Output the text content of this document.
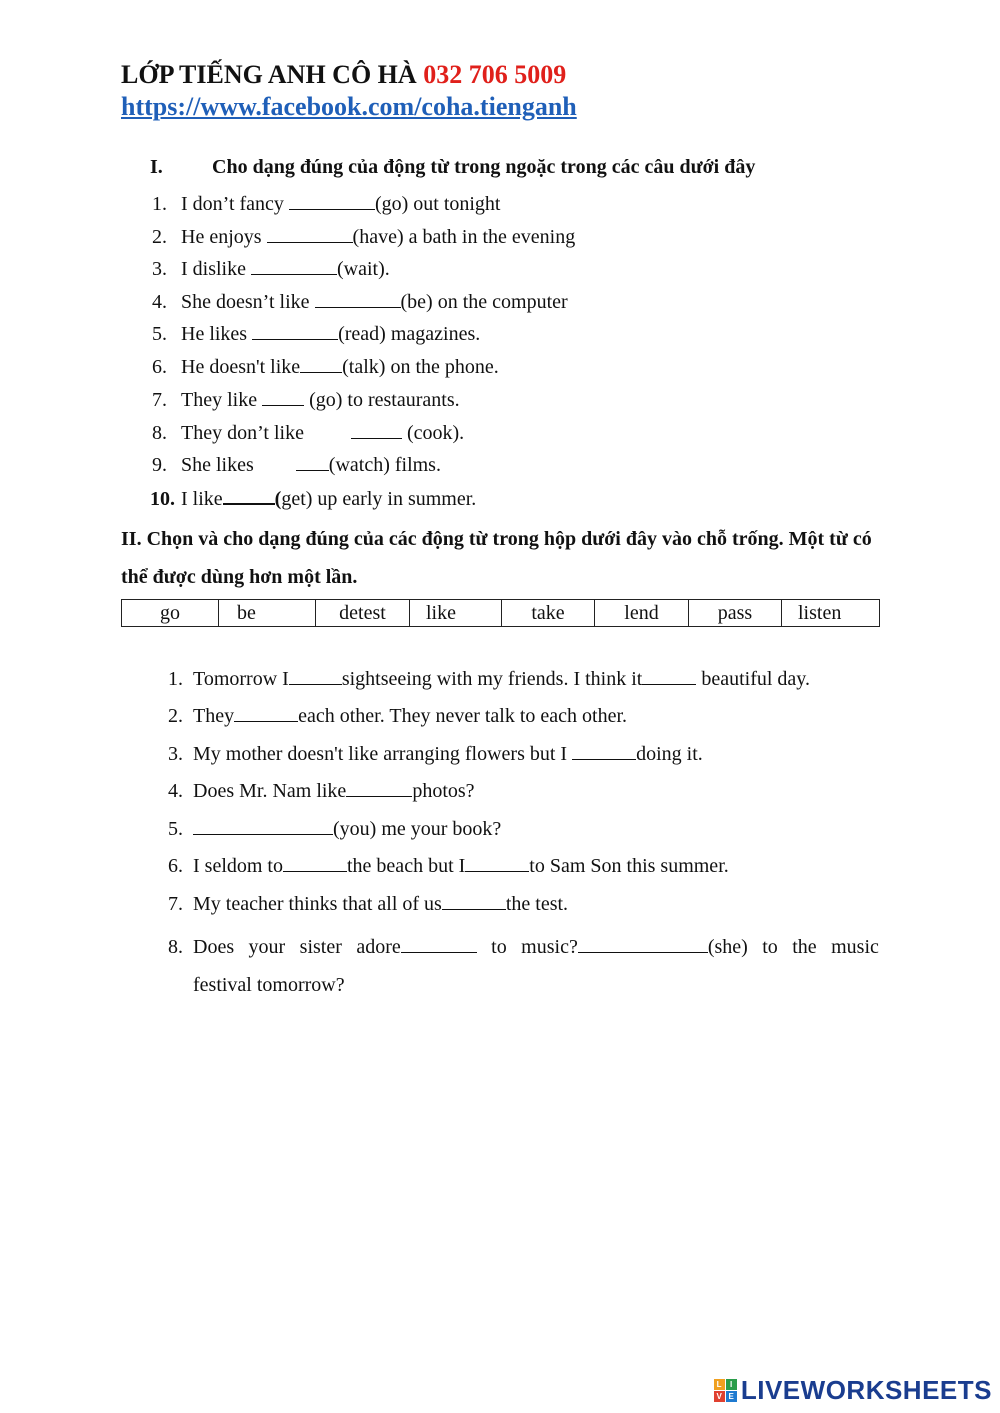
LỚP TIẾNG ANH CÔ HÀ 032 706 5009
https://www.facebook.com/coha.tienganh
I. Cho dạng đúng của động từ trong ngoặc trong các câu dưới đây
1. I don’t fancy	(go) out tonight
2. He enjoys	(have) a bath in the evening
3. I dislike	(wait).
4. She doesn’t like	(be) on the computer
5. He likes	(read) magazines.
6. He doesn't like (talk) on the phone.
7. They like  (go) to restaurants.
8. They don’t like	(cook).
9. She likes	(watch) films.
10. I like	(get) up early in summer.
II. Chọn và cho dạng đúng của các động từ trong hộp dưới đây vào chỗ trống. Một từ có thể được dùng hơn một lần.
go	be	detest	like	take	lend	pass	listen
1. Tomorrow I	sightseeing with my friends. I think it	beautiful day.
2. They	each other. They never talk to each other.
3. My mother doesn't like arranging flowers but I	doing it.
4. Does Mr. Nam like	photos?
5.	(you) me your book?
6. I seldom to	the beach but I	to Sam Son this summer.
7. My teacher thinks that all of us	the test.
8. Does your sister adore	to music?	(she) to the music
festival tomorrow?
L I
V E LIVEWORKSHEETS
